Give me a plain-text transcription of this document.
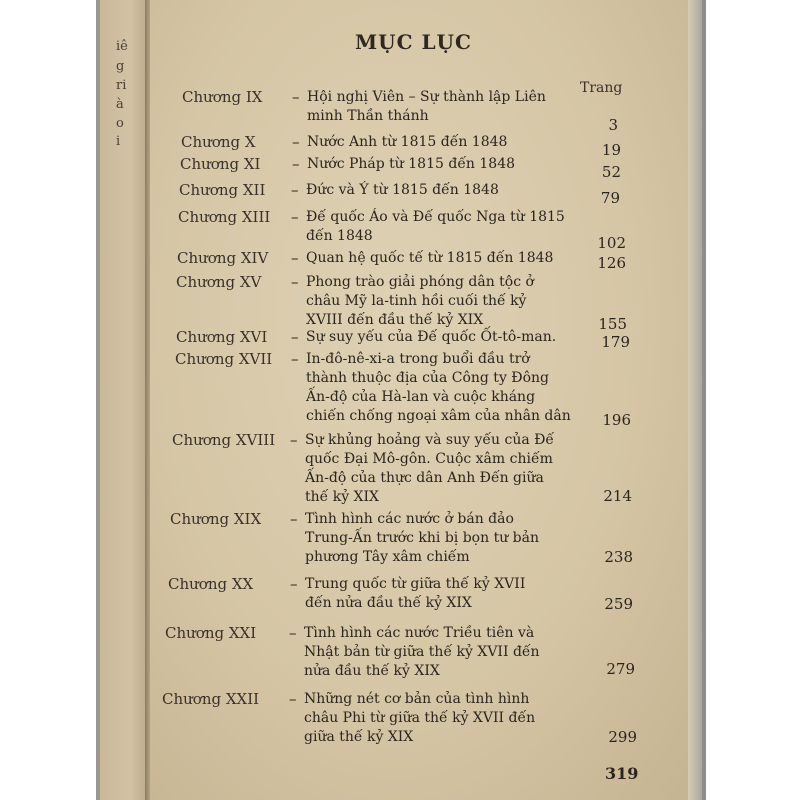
iê
g
ri
à
o
i
MỤC LỤC
Trang
Chương IX	– Hội nghị Viên – Sự thành lập Liên
minh Thần thánh	3
Chương X	– Nước Anh từ 1815 đến 1848	19
Chương XI	– Nước Pháp từ 1815 đến 1848	52
Chương XII	– Đức và Ý từ 1815 đến 1848	79
Chương XIII	– Đế quốc Áo và Đế quốc Nga từ 1815
đến 1848	102
Chương XIV	– Quan hệ quốc tế từ 1815 đến 1848	126
Chương XV	– Phong trào giải phóng dân tộc ở
châu Mỹ la-tinh hồi cuối thế kỷ
XVIII đến đầu thế kỷ XIX	155
Chương XVI	– Sự suy yếu của Đế quốc Ốt-tô-man.	179
Chương XVII	– In-đô-nê-xi-a trong buổi đầu trở
thành thuộc địa của Công ty Đông
Ấn-độ của Hà-lan và cuộc kháng
chiến chống ngoại xâm của nhân dân	196
Chương XVIII – Sự khủng hoảng và suy yếu của Đế
quốc Đại Mô-gôn. Cuộc xâm chiếm
Ấn-độ của thực dân Anh Đến giữa
thế kỷ XIX	214
Chương XIX	– Tình hình các nước ở bán đảo
Trung-Ấn trước khi bị bọn tư bản
phương Tây xâm chiếm	238
Chương XX	– Trung quốc từ giữa thế kỷ XVII
đến nửa đầu thế kỷ XIX	259
Chương XXI	– Tình hình các nước Triều tiên và
Nhật bản từ giữa thế kỷ XVII đến
nửa đầu thế kỷ XIX	279
Chương XXII	– Những nét cơ bản của tình hình
châu Phi từ giữa thế kỷ XVII đến
giữa thế kỷ XIX	299
319
